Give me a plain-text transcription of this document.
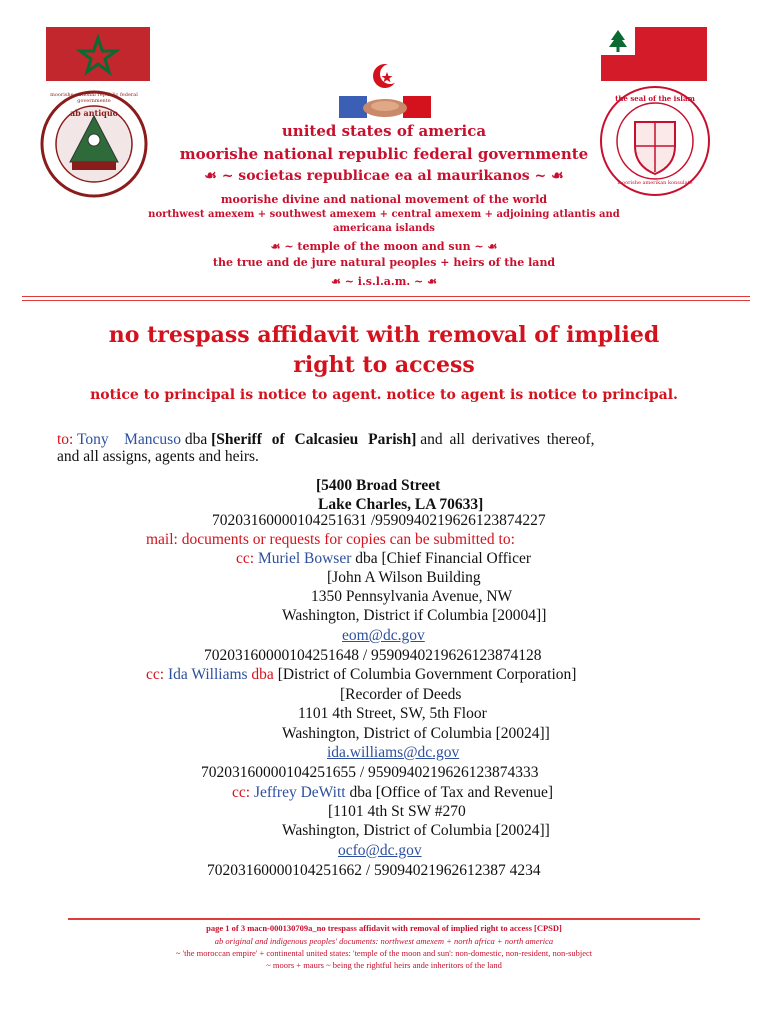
moorishe national republic federal governmente
ab antiquo
the seal of the islam
moorishe amerikan konsulate
united states of america
moorishe national republic federal governmente
☙ ~ societas republicae ea al maurikanos ~ ☙
moorishe divine and national movement of the world
northwest amexem + southwest amexem + central amexem + adjoining atlantis and
americana islands
☙ ~ temple of the moon and sun ~ ☙
the true and de jure natural peoples + heirs of the land
☙ ~ i.s.l.a.m. ~ ☙
no trespass affidavit with removal of implied
right to access
notice to principal is notice to agent. notice to agent is notice to principal.
to: Tony Mancuso dba [Sheriff of Calcasieu Parish] and all derivatives thereof,
and all assigns, agents and heirs.
[5400 Broad Street
Lake Charles, LA 70633]
70203160000104251631 /9590940219626123874227
mail: documents or requests for copies can be submitted to:
cc: Muriel Bowser dba [Chief Financial Officer
[John A Wilson Building
1350 Pennsylvania Avenue, NW
Washington, District if Columbia [20004]]
eom@dc.gov
70203160000104251648 / 9590940219626123874128
cc: Ida Williams dba [District of Columbia Government Corporation]
[Recorder of Deeds
1101 4th Street, SW, 5th Floor
Washington, District of Columbia [20024]]
ida.williams@dc.gov
70203160000104251655 / 9590940219626123874333
cc: Jeffrey DeWitt dba [Office of Tax and Revenue]
[1101 4th St SW #270
Washington, District of Columbia [20024]]
ocfo@dc.gov
70203160000104251662 / 59094021962612387 4234
page 1 of 3 macn-000130709a_no trespass affidavit with removal of implied right to access [CPSD]
ab original and indigenous peoples' documents: northwest amexem + north africa + north america
~ 'the moroccan empire' + continental united states: 'temple of the moon and sun': non-domestic, non-resident, non-subject
~ moors + maurs ~ being the rightful heirs ande inheritors of the land
